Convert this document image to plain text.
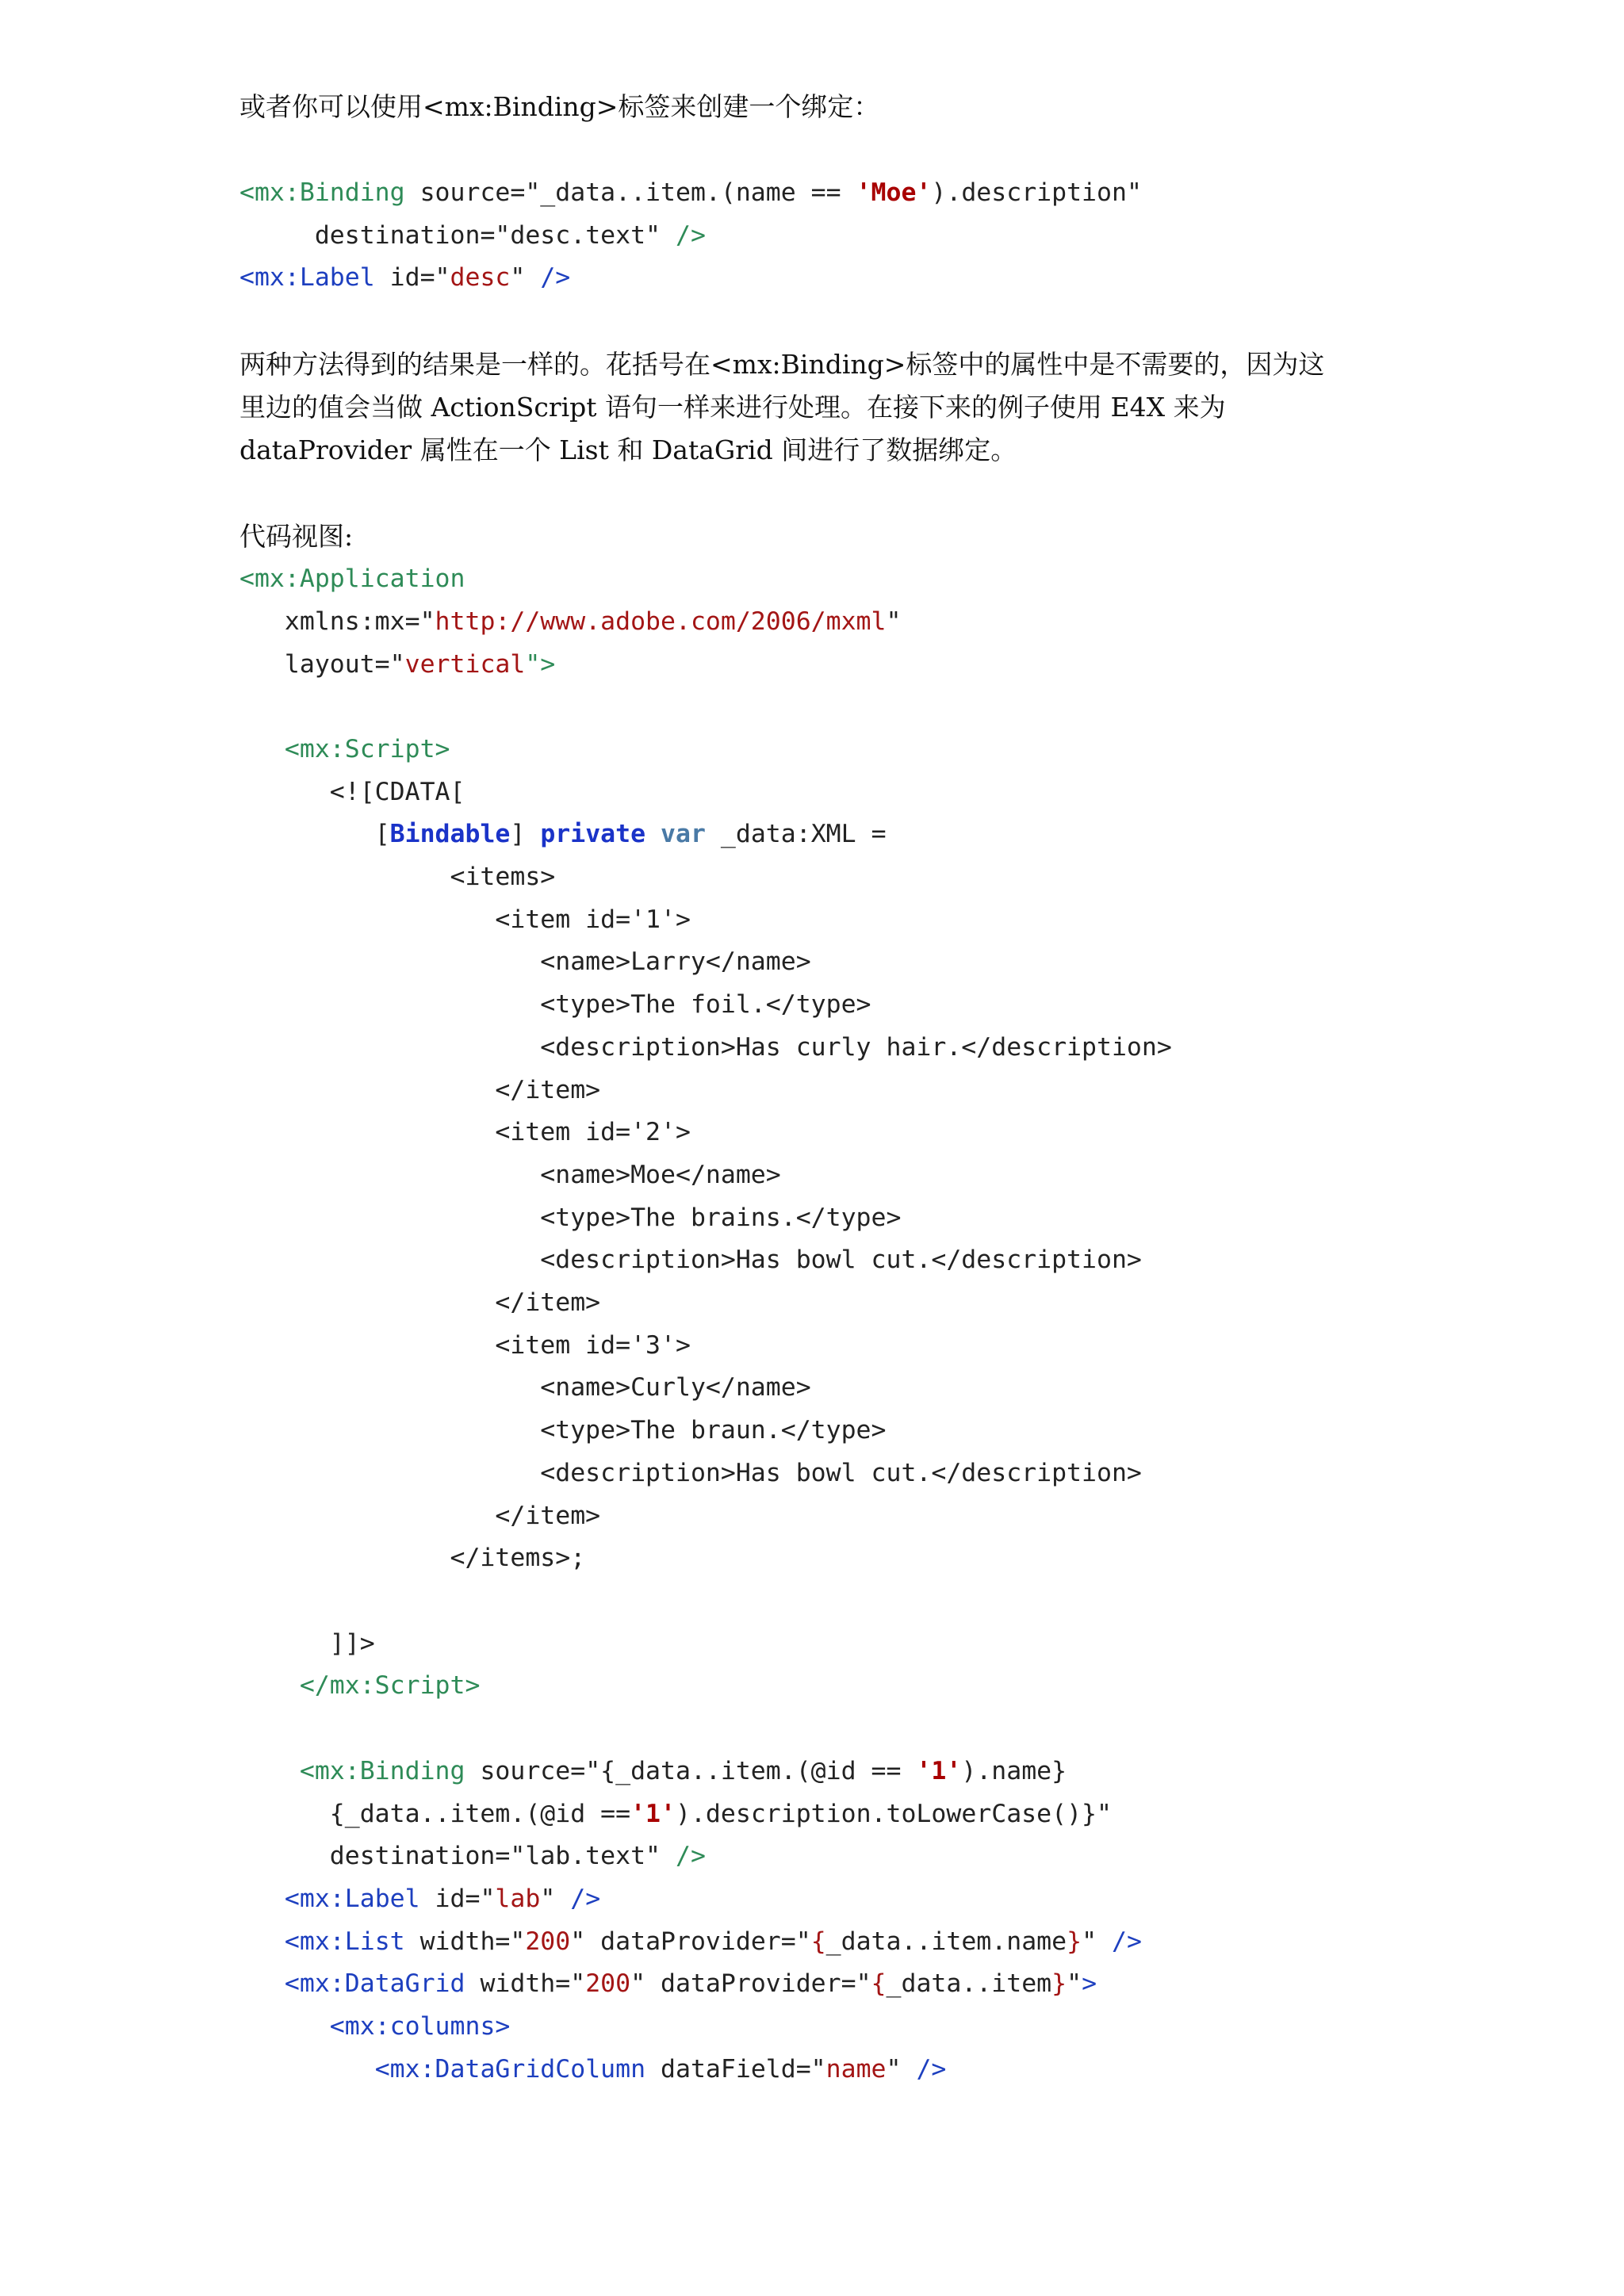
或者你可以使用<mx:Binding>标签来创建一个绑定：

<mx:Binding source="_data..item.(name == 'Moe').description"
destination="desc.text" />
<mx:Label id="desc" />

两种方法得到的结果是一样的。花括号在<mx:Binding>标签中的属性中是不需要的，因为这

里边的值会当做 ActionScript 语句一样来进行处理。在接下来的例子使用 E4X 来为

dataProvider 属性在一个 List 和 DataGrid 间进行了数据绑定。

代码视图:

<mx:Application
xmlns:mx="http://www.adobe.com/2006/mxml"
layout="vertical">

<mx:Script>
<![CDATA[
[Bindable] private var _data:XML =
<items>
<item id='1'>
<name>Larry</name>
<type>The foil.</type>
<description>Has curly hair.</description>
</item>
<item id='2'>
<name>Moe</name>
<type>The brains.</type>
<description>Has bowl cut.</description>
</item>
<item id='3'>
<name>Curly</name>
<type>The braun.</type>
<description>Has bowl cut.</description>
</item>
</items>;

]]>
</mx:Script>

<mx:Binding source="{_data..item.(@id == '1').name}
{_data..item.(@id =='1').description.toLowerCase()}"
destination="lab.text" />
<mx:Label id="lab" />
<mx:List width="200" dataProvider="{_data..item.name}" />
<mx:DataGrid width="200" dataProvider="{_data..item}">
<mx:columns>
<mx:DataGridColumn dataField="name" />
